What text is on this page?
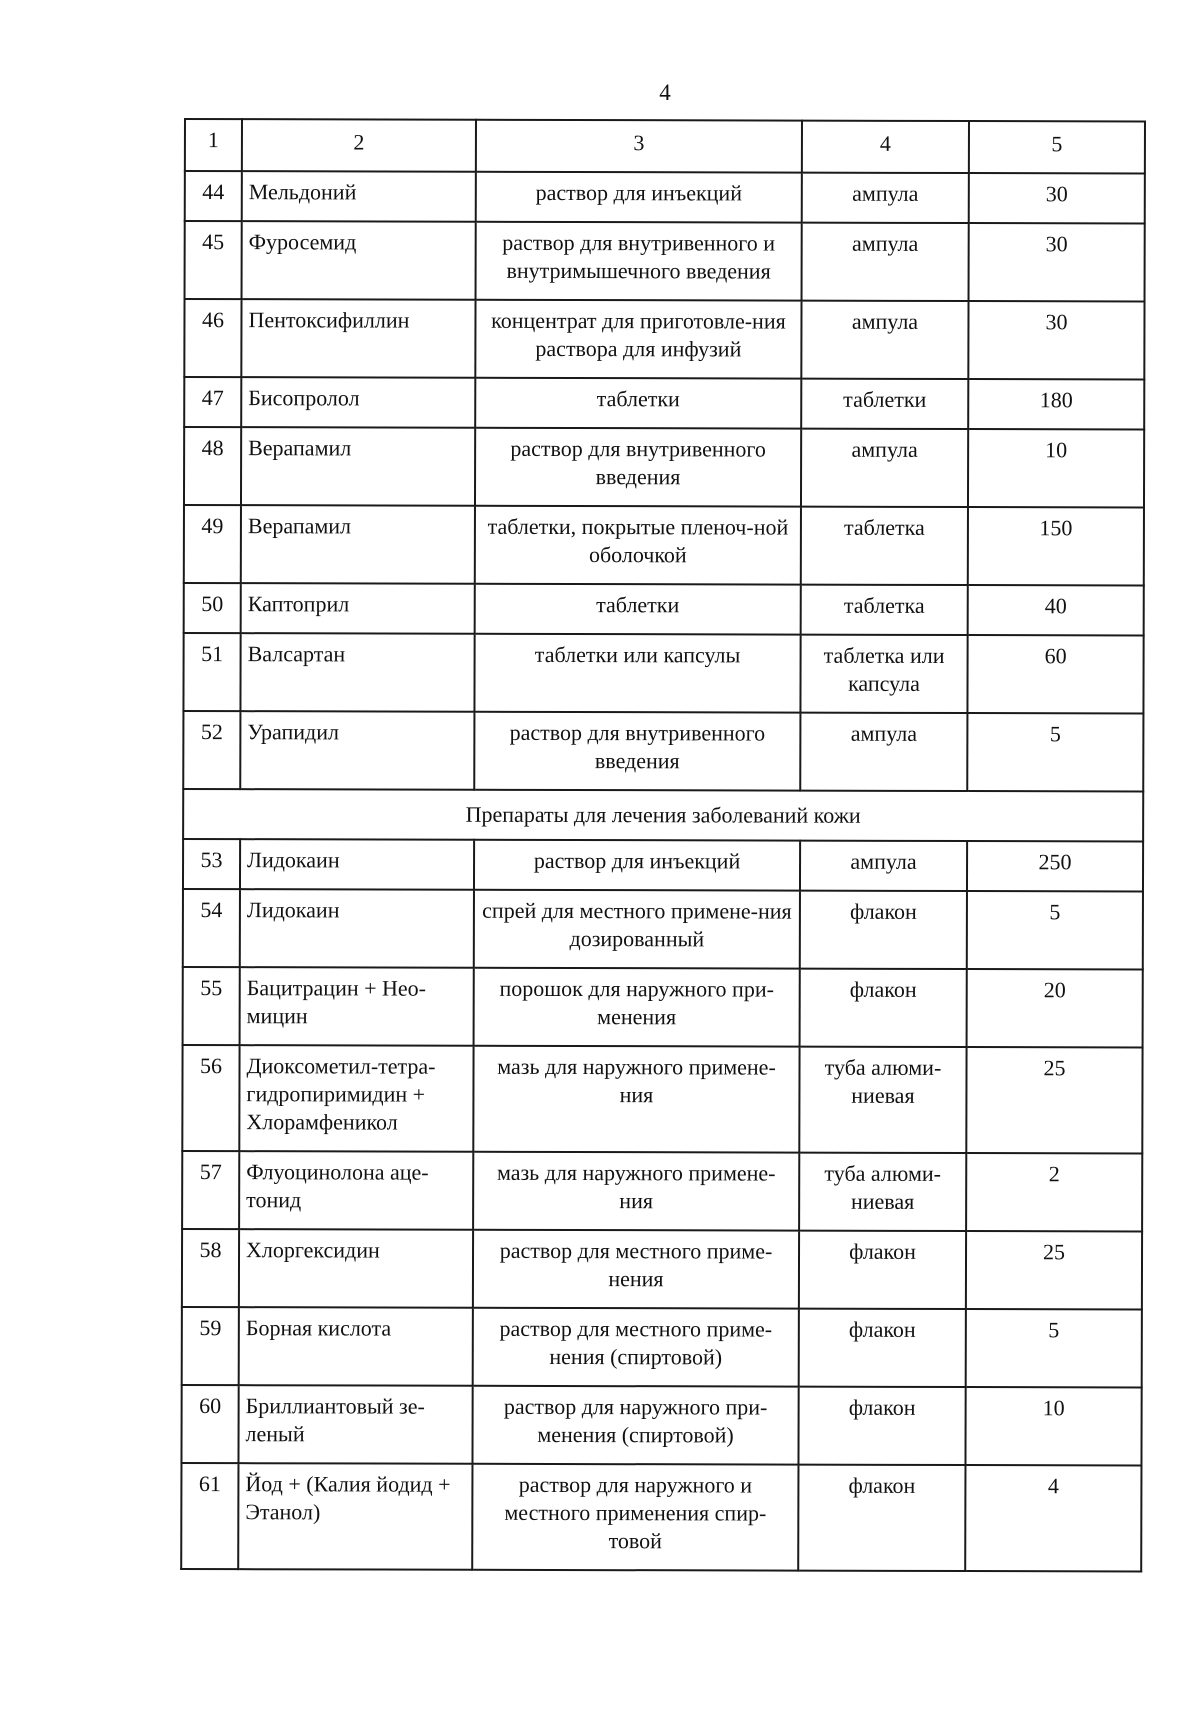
4
1	2	3	4	5
44	Мельдоний	раствор для инъекций	ампула	30
45	Фуросемид	раствор для внутривенного и внутримышечного введения	ампула	30
46	Пентоксифиллин	концентрат для приготовле-ния раствора для инфузий	ампула	30
47	Бисопролол	таблетки	таблетки	180
48	Верапамил	раствор для внутривенного введения	ампула	10
49	Верапамил	таблетки, покрытые пленоч-ной оболочкой	таблетка	150
50	Каптоприл	таблетки	таблетка	40
51	Валсартан	таблетки или капсулы	таблетка или капсула	60
52	Урапидил	раствор для внутривенного введения	ампула	5
Препараты для лечения заболеваний кожи				
53	Лидокаин	раствор для инъекций	ампула	250
54	Лидокаин	спрей для местного примене-ния дозированный	флакон	5
55	Бацитрацин + Нео-мицин	порошок для наружного при-менения	флакон	20
56	Диоксометил-тетра-гидропиримидин + Хлорамфеникол	мазь для наружного примене-ния	туба алюми-ниевая	25
57	Флуоцинолона аце-тонид	мазь для наружного примене-ния	туба алюми-ниевая	2
58	Хлоргексидин	раствор для местного приме-нения	флакон	25
59	Борная кислота	раствор для местного приме-нения (спиртовой)	флакон	5
60	Бриллиантовый зе-леный	раствор для наружного при-менения (спиртовой)	флакон	10
61	Йод + (Калия йодид + Этанол)	раствор для наружного и местного применения спир-товой	флакон	4
